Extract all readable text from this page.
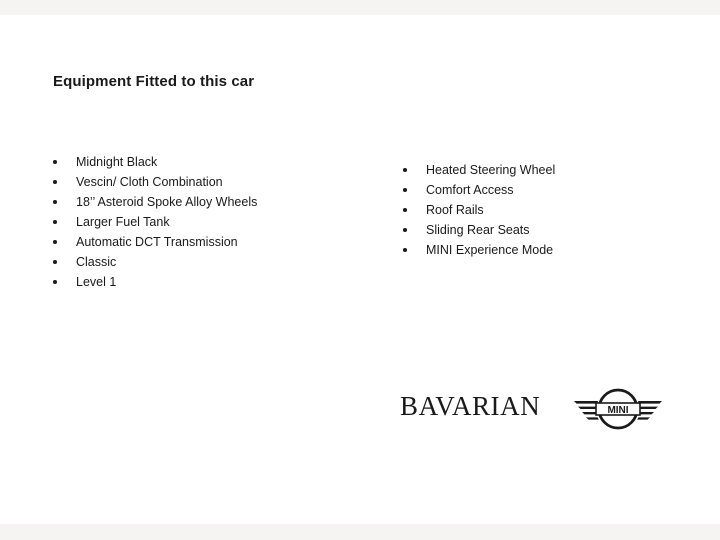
Equipment Fitted to this car
Midnight Black
Vescin/ Cloth Combination
18’’ Asteroid Spoke Alloy Wheels
Larger Fuel Tank
Automatic DCT Transmission
Classic
Level 1
Heated Steering Wheel
Comfort Access
Roof Rails
Sliding Rear Seats
MINI Experience Mode
BAVARIAN	MINI
